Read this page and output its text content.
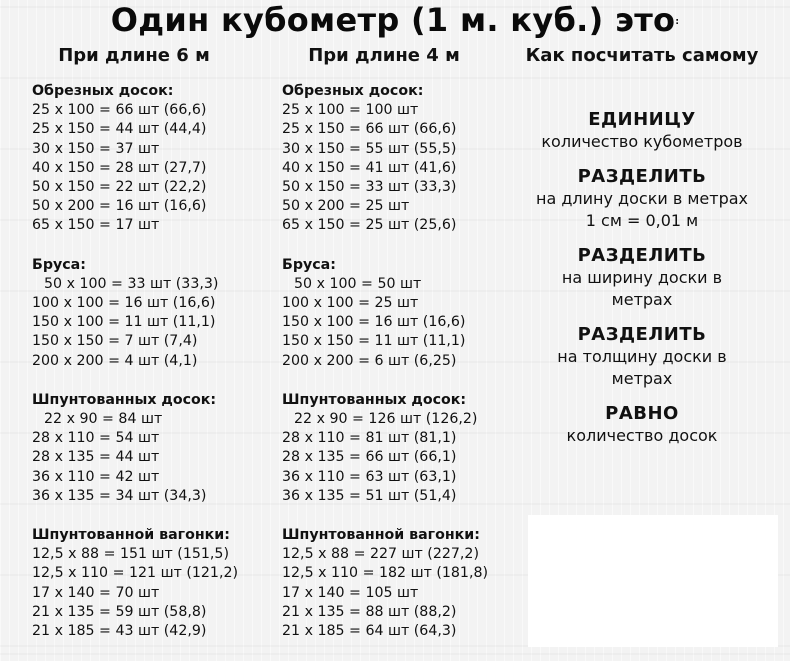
Один кубометр (1 м. куб.) это:
При длине 6 м	При длине 4 м	Как посчитать самому
Обрезных досок:
25 x 100 = 66 шт (66,6)
25 x 150 = 44 шт (44,4)
30 x 150 = 37 шт
40 x 150 = 28 шт (27,7)
50 x 150 = 22 шт (22,2)
50 x 200 = 16 шт (16,6)
65 x 150 = 17 шт
Бруса:
50 x 100 = 33 шт (33,3)
100 x 100 = 16 шт (16,6)
150 x 100 = 11 шт (11,1)
150 x 150 = 7 шт (7,4)
200 x 200 = 4 шт (4,1)
Шпунтованных досок:
22 x 90 = 84 шт
28 x 110 = 54 шт
28 x 135 = 44 шт
36 x 110 = 42 шт
36 x 135 = 34 шт (34,3)
Шпунтованной вагонки:
12,5 x 88 = 151 шт (151,5)
12,5 x 110 = 121 шт (121,2)
17 x 140 = 70 шт
21 x 135 = 59 шт (58,8)
21 x 185 = 43 шт (42,9)
Обрезных досок:
25 x 100 = 100 шт
25 x 150 = 66 шт (66,6)
30 x 150 = 55 шт (55,5)
40 x 150 = 41 шт (41,6)
50 x 150 = 33 шт (33,3)
50 x 200 = 25 шт
65 x 150 = 25 шт (25,6)
Бруса:
50 x 100 = 50 шт
100 x 100 = 25 шт
150 x 100 = 16 шт (16,6)
150 x 150 = 11 шт (11,1)
200 x 200 = 6 шт (6,25)
Шпунтованных досок:
22 x 90 = 126 шт (126,2)
28 x 110 = 81 шт (81,1)
28 x 135 = 66 шт (66,1)
36 x 110 = 63 шт (63,1)
36 x 135 = 51 шт (51,4)
Шпунтованной вагонки:
12,5 x 88 = 227 шт (227,2)
12,5 x 110 = 182 шт (181,8)
17 x 140 = 105 шт
21 x 135 = 88 шт (88,2)
21 x 185 = 64 шт (64,3)
ЕДИНИЦУ
количество кубометров
РАЗДЕЛИТЬ
на длину доски в метрах
1 см = 0,01 м
РАЗДЕЛИТЬ
на ширину доски в
метрах
РАЗДЕЛИТЬ
на толщину доски в
метрах
РАВНО
количество досок
